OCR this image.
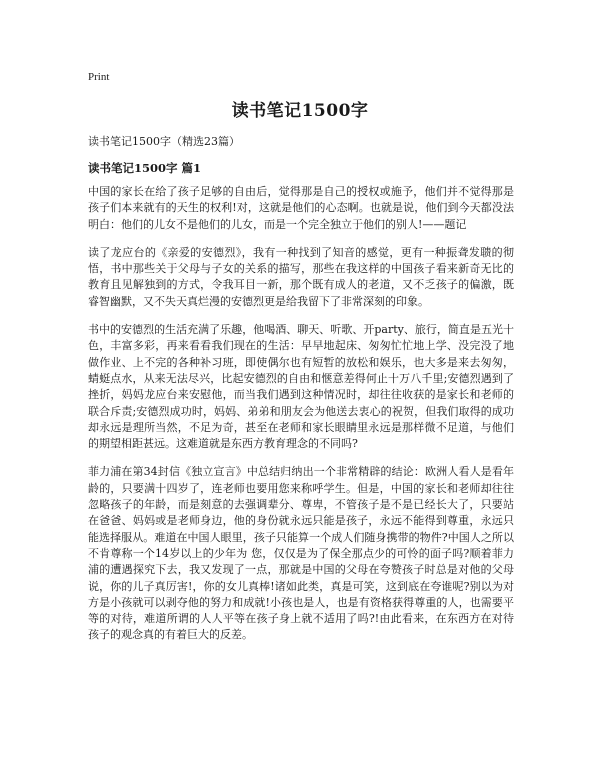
Print
读书笔记1500字
读书笔记1500字（精选23篇）
读书笔记1500字 篇1

中国的家长在给了孩子足够的自由后，觉得那是自己的授权或施予，他们并不觉得那是孩子们本来就有的天生的权利!对，这就是他们的心态啊。也就是说，他们到今天都没法明白：他们的儿女不是他们的儿女，而是一个完全独立于他们的别人!——题记

读了龙应台的《亲爱的安德烈》，我有一种找到了知音的感觉，更有一种振聋发聩的彻悟，书中那些关于父母与子女的关系的描写，那些在我这样的中国孩子看来新奇无比的教育且见解独到的方式，令我耳目一新，那个既有成人的老道，又不乏孩子的偏激，既睿智幽默，又不失天真烂漫的安德烈更是给我留下了非常深刻的印象。

书中的安德烈的生活充满了乐趣，他喝酒、聊天、听歌、开party、旅行，简直是五光十色，丰富多彩，再来看看我们现在的生活：早早地起床、匆匆忙忙地上学、没完没了地做作业、上不完的各种补习班，即使偶尔也有短暂的放松和娱乐，也大多是来去匆匆，蜻蜓点水，从来无法尽兴，比起安德烈的自由和惬意差得何止十万八千里;安德烈遇到了挫折，妈妈龙应台来安慰他，而当我们遇到这种情况时，却往往收获的是家长和老师的联合斥责;安德烈成功时，妈妈、弟弟和朋友会为他送去衷心的祝贺，但我们取得的成功却永远是理所当然，不足为奇，甚至在老师和家长眼睛里永远是那样微不足道，与他们的期望相距甚远。这难道就是东西方教育理念的不同吗?

菲力浦在第34封信《独立宣言》中总结归纳出一个非常精辟的结论：欧洲人看人是看年龄的，只要满十四岁了，连老师也要用您来称呼学生。但是，中国的家长和老师却往往忽略孩子的年龄，而是刻意的去强调辈分、尊卑，不管孩子是不是已经长大了，只要站在爸爸、妈妈或是老师身边，他的身份就永远只能是孩子，永远不能得到尊重，永远只能选择服从。难道在中国人眼里，孩子只能算一个成人们随身携带的物件?中国人之所以不肯尊称一个14岁以上的少年为 您，仅仅是为了保全那点少的可怜的面子吗?顺着菲力浦的遭遇探究下去，我又发现了一点，那就是中国的父母在夸赞孩子时总是对他的父母说，你的儿子真厉害!，你的女儿真棒!诸如此类，真是可笑，这到底在夸谁呢?别以为对方是小孩就可以剥夺他的努力和成就!小孩也是人，也是有资格获得尊重的人，也需要平等的对待，难道所谓的人人平等在孩子身上就不适用了吗?!由此看来，在东西方在对待孩子的观念真的有着巨大的反差。
